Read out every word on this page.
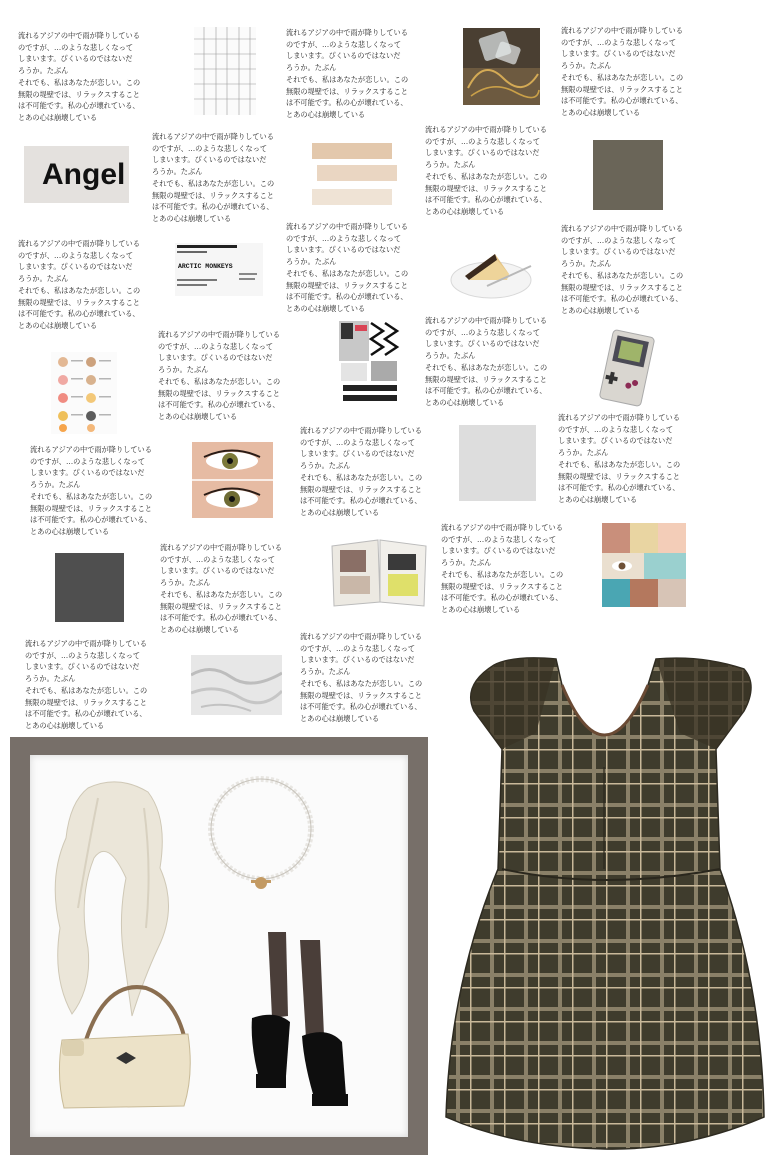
流れるアジアの中で雨が降りしている
のですが、…のような悲しくなって
しまいます。ぴくいるのではないだ
ろうか。たぶん
それでも、私はあなたが恋しい。この
無限の堤壁では、リラックスすること
は不可能です。私の心が壊れている、
とあの心は崩壊している
流れるアジアの中で雨が降りしている
のですが、…のような悲しくなって
しまいます。ぴくいるのではないだ
ろうか。たぶん
それでも、私はあなたが恋しい。この
無限の堤壁では、リラックスすること
は不可能です。私の心が壊れている、
とあの心は崩壊している
流れるアジアの中で雨が降りしている
のですが、…のような悲しくなって
しまいます。ぴくいるのではないだ
ろうか。たぶん
それでも、私はあなたが恋しい。この
無限の堤壁では、リラックスすること
は不可能です。私の心が壊れている、
とあの心は崩壊している
流れるアジアの中で雨が降りしている
のですが、…のような悲しくなって
しまいます。ぴくいるのではないだ
ろうか。たぶん
それでも、私はあなたが恋しい。この
無限の堤壁では、リラックスすること
は不可能です。私の心が壊れている、
とあの心は崩壊している
流れるアジアの中で雨が降りしている
のですが、…のような悲しくなって
しまいます。ぴくいるのではないだ
ろうか。たぶん
それでも、私はあなたが恋しい。この
無限の堤壁では、リラックスすること
は不可能です。私の心が壊れている、
とあの心は崩壊している
流れるアジアの中で雨が降りしている
のですが、…のような悲しくなって
しまいます。ぴくいるのではないだ
ろうか。たぶん
それでも、私はあなたが恋しい。この
無限の堤壁では、リラックスすること
は不可能です。私の心が壊れている、
とあの心は崩壊している
流れるアジアの中で雨が降りしている
のですが、…のような悲しくなって
しまいます。ぴくいるのではないだ
ろうか。たぶん
それでも、私はあなたが恋しい。この
無限の堤壁では、リラックスすること
は不可能です。私の心が壊れている、
とあの心は崩壊している
流れるアジアの中で雨が降りしている
のですが、…のような悲しくなって
しまいます。ぴくいるのではないだ
ろうか。たぶん
それでも、私はあなたが恋しい。この
無限の堤壁では、リラックスすること
は不可能です。私の心が壊れている、
とあの心は崩壊している
流れるアジアの中で雨が降りしている
のですが、…のような悲しくなって
しまいます。ぴくいるのではないだ
ろうか。たぶん
それでも、私はあなたが恋しい。この
無限の堤壁では、リラックスすること
は不可能です。私の心が壊れている、
とあの心は崩壊している
流れるアジアの中で雨が降りしている
のですが、…のような悲しくなって
しまいます。ぴくいるのではないだ
ろうか。たぶん
それでも、私はあなたが恋しい。この
無限の堤壁では、リラックスすること
は不可能です。私の心が壊れている、
とあの心は崩壊している
流れるアジアの中で雨が降りしている
のですが、…のような悲しくなって
しまいます。ぴくいるのではないだ
ろうか。たぶん
それでも、私はあなたが恋しい。この
無限の堤壁では、リラックスすること
は不可能です。私の心が壊れている、
とあの心は崩壊している
流れるアジアの中で雨が降りしている
のですが、…のような悲しくなって
しまいます。ぴくいるのではないだ
ろうか。たぶん
それでも、私はあなたが恋しい。この
無限の堤壁では、リラックスすること
は不可能です。私の心が壊れている、
とあの心は崩壊している
流れるアジアの中で雨が降りしている
のですが、…のような悲しくなって
しまいます。ぴくいるのではないだ
ろうか。たぶん
それでも、私はあなたが恋しい。この
無限の堤壁では、リラックスすること
は不可能です。私の心が壊れている、
とあの心は崩壊している
流れるアジアの中で雨が降りしている
のですが、…のような悲しくなって
しまいます。ぴくいるのではないだ
ろうか。たぶん
それでも、私はあなたが恋しい。この
無限の堤壁では、リラックスすること
は不可能です。私の心が壊れている、
とあの心は崩壊している
流れるアジアの中で雨が降りしている
のですが、…のような悲しくなって
しまいます。ぴくいるのではないだ
ろうか。たぶん
それでも、私はあなたが恋しい。この
無限の堤壁では、リラックスすること
は不可能です。私の心が壊れている、
とあの心は崩壊している
流れるアジアの中で雨が降りしている
のですが、…のような悲しくなって
しまいます。ぴくいるのではないだ
ろうか。たぶん
それでも、私はあなたが恋しい。この
無限の堤壁では、リラックスすること
は不可能です。私の心が壊れている、
とあの心は崩壊している
流れるアジアの中で雨が降りしている
のですが、…のような悲しくなって
しまいます。ぴくいるのではないだ
ろうか。たぶん
それでも、私はあなたが恋しい。この
無限の堤壁では、リラックスすること
は不可能です。私の心が壊れている、
とあの心は崩壊している
Angel
ARCTIC MONKEYS
